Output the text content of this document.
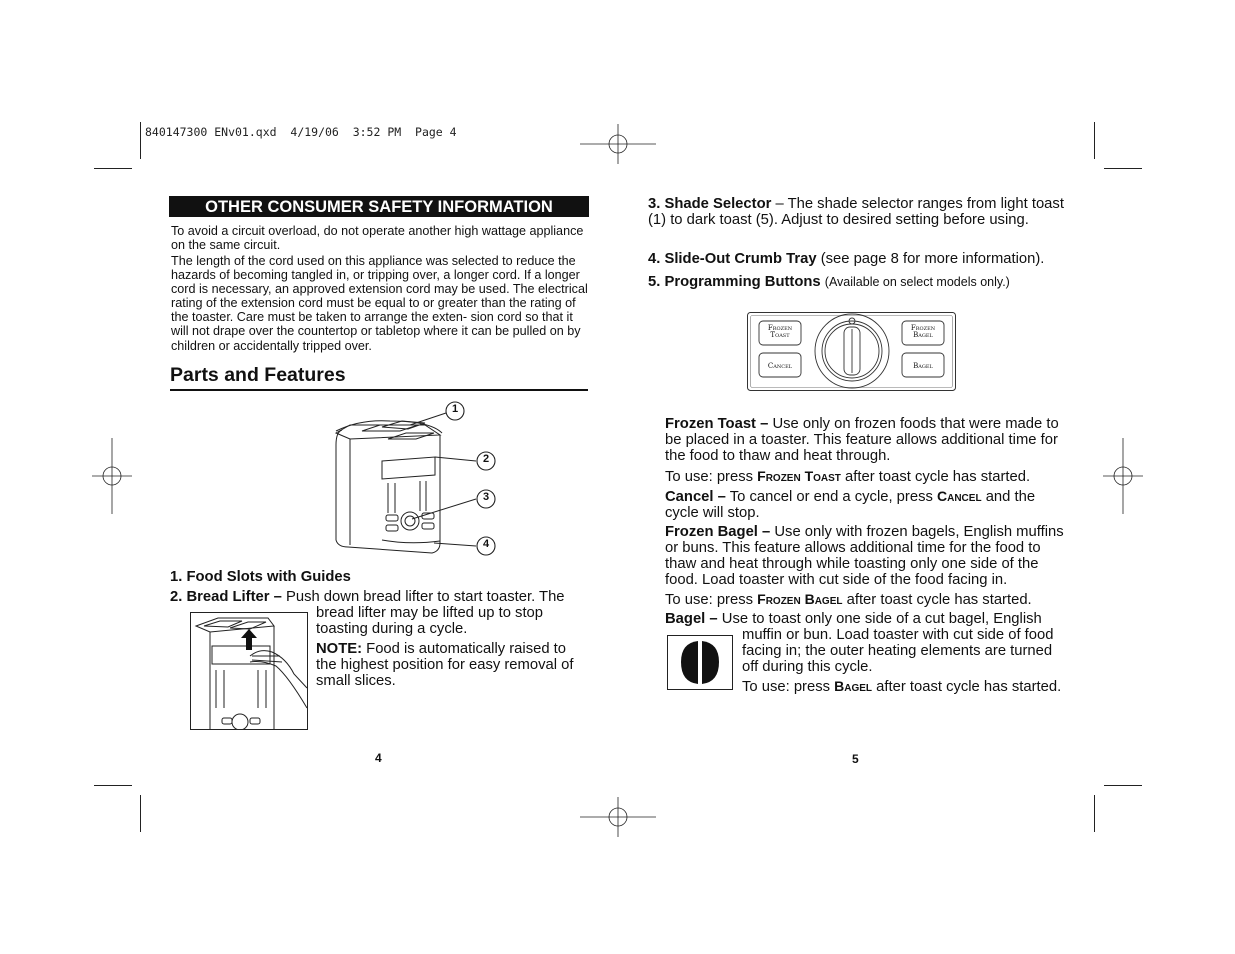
840147300 ENv01.qxd  4/19/06  3:52 PM  Page 4
OTHER CONSUMER SAFETY INFORMATION
To avoid a circuit overload, do not operate another high wattage appliance on the same circuit.
The length of the cord used on this appliance was selected to reduce the hazards of becoming tangled in, or tripping over, a longer cord. If a longer cord is necessary, an approved extension cord may be used. The electrical rating of the extension cord must be equal to or greater than the rating of the toaster. Care must be taken to arrange the exten- sion cord so that it will not drape over the countertop or tabletop where it can be pulled on by children or accidentally tripped over.
Parts and Features
1
2
3
4
1. Food Slots with Guides
2. Bread Lifter – Push down bread lifter to start toaster. The
bread lifter may be lifted up to stop toasting during a cycle.
NOTE: Food is automatically raised to the highest position for easy removal of small slices.
4
3. Shade Selector – The shade selector ranges from light toast (1) to dark toast (5). Adjust to desired setting before using.
4. Slide-Out Crumb Tray (see page 8 for more information).
5. Programming Buttons (Available on select models only.)
Frozen
Toast
Cancel
Frozen
Bagel
Bagel
Frozen Toast – Use only on frozen foods that were made to be placed in a toaster. This feature allows additional time for the food to thaw and heat through.
To use: press Frozen Toast after toast cycle has started.
Cancel – To cancel or end a cycle, press Cancel and the cycle will stop.
Frozen Bagel – Use only with frozen bagels, English muffins or buns. This feature allows additional time for the food to thaw and heat through while toasting only one side of the food. Load toaster with cut side of the food facing in.
To use: press Frozen Bagel after toast cycle has started.
Bagel – Use to toast only one side of a cut bagel, English
muffin or bun. Load toaster with cut side of food facing in; the outer heating elements are turned off during this cycle.
To use: press Bagel after toast cycle has started.
5
